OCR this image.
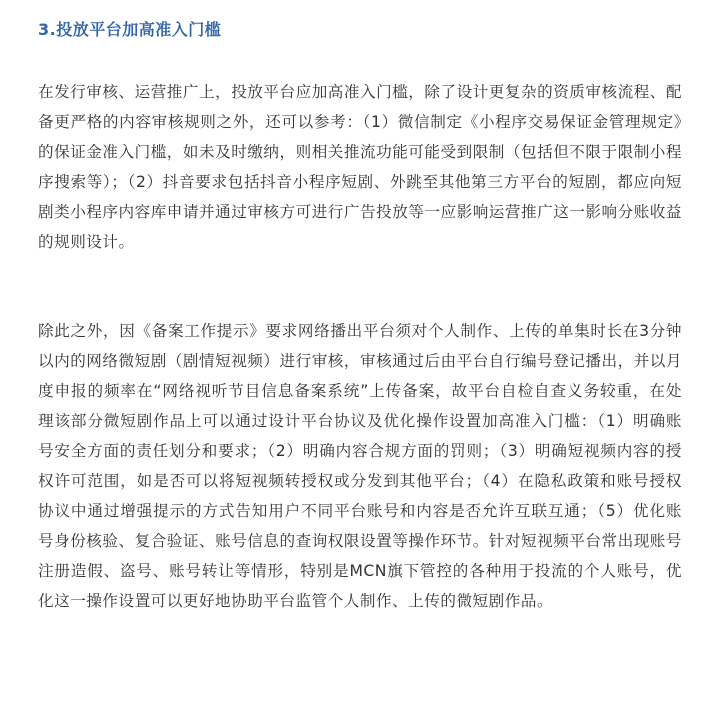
3.投放平台加高准入门槛

在发行审核、运营推广上，投放平台应加高准入门槛，除了设计更复杂的资质审核流程、配备更严格的内容审核规则之外，还可以参考：（1）微信制定《小程序交易保证金管理规定》的保证金准入门槛，如未及时缴纳，则相关推流功能可能受到限制（包括但不限于限制小程序搜索等）；（2）抖音要求包括抖音小程序短剧、外跳至其他第三方平台的短剧，都应向短剧类小程序内容库申请并通过审核方可进行广告投放等一应影响运营推广这一影响分账收益的规则设计。

除此之外，因《备案工作提示》要求网络播出平台须对个人制作、上传的单集时长在3分钟以内的网络微短剧（剧情短视频）进行审核，审核通过后由平台自行编号登记播出，并以月度申报的频率在“网络视听节目信息备案系统”上传备案，故平台自检自查义务较重，在处理该部分微短剧作品上可以通过设计平台协议及优化操作设置加高准入门槛：（1）明确账号安全方面的责任划分和要求；（2）明确内容合规方面的罚则；（3）明确短视频内容的授权许可范围，如是否可以将短视频转授权或分发到其他平台；（4）在隐私政策和账号授权协议中通过增强提示的方式告知用户不同平台账号和内容是否允许互联互通；（5）优化账号身份核验、复合验证、账号信息的查询权限设置等操作环节。针对短视频平台常出现账号注册造假、盗号、账号转让等情形，特别是MCN旗下管控的各种用于投流的个人账号，优化这一操作设置可以更好地协助平台监管个人制作、上传的微短剧作品。
